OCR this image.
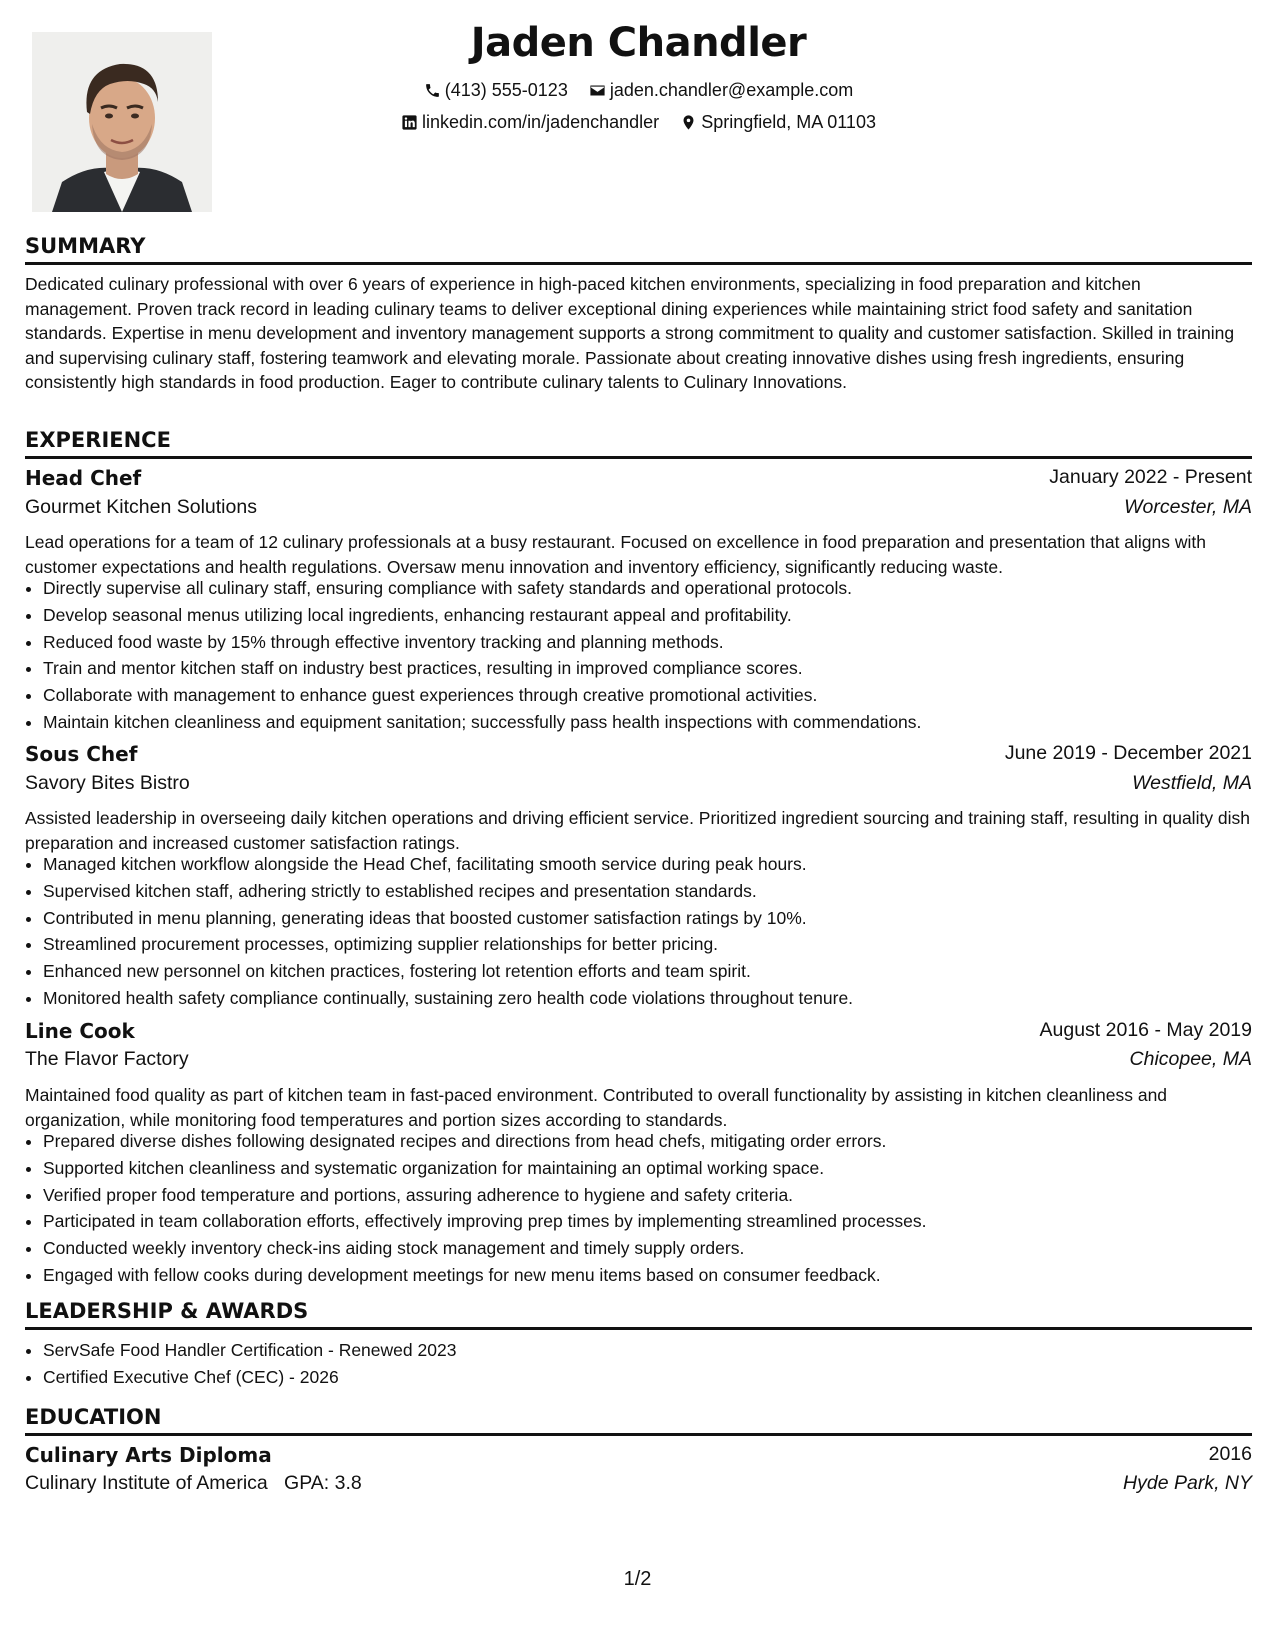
Jaden Chandler
(413) 555-0123
jaden.chandler@example.com
linkedin.com/in/jadenchandler
Springfield, MA 01103
SUMMARY
Dedicated culinary professional with over 6 years of experience in high-paced kitchen environments, specializing in food preparation and kitchen management. Proven track record in leading culinary teams to deliver exceptional dining experiences while maintaining strict food safety and sanitation standards. Expertise in menu development and inventory management supports a strong commitment to quality and customer satisfaction. Skilled in training and supervising culinary staff, fostering teamwork and elevating morale. Passionate about creating innovative dishes using fresh ingredients, ensuring consistently high standards in food production. Eager to contribute culinary talents to Culinary Innovations.
EXPERIENCE
Head Chef	January 2022 - Present
Gourmet Kitchen Solutions	Worcester, MA
Lead operations for a team of 12 culinary professionals at a busy restaurant. Focused on excellence in food preparation and presentation that aligns with customer expectations and health regulations. Oversaw menu innovation and inventory efficiency, significantly reducing waste.
• Directly supervise all culinary staff, ensuring compliance with safety standards and operational protocols.
• Develop seasonal menus utilizing local ingredients, enhancing restaurant appeal and profitability.
• Reduced food waste by 15% through effective inventory tracking and planning methods.
• Train and mentor kitchen staff on industry best practices, resulting in improved compliance scores.
• Collaborate with management to enhance guest experiences through creative promotional activities.
• Maintain kitchen cleanliness and equipment sanitation; successfully pass health inspections with commendations.
Sous Chef	June 2019 - December 2021
Savory Bites Bistro	Westfield, MA
Assisted leadership in overseeing daily kitchen operations and driving efficient service. Prioritized ingredient sourcing and training staff, resulting in quality dish preparation and increased customer satisfaction ratings.
• Managed kitchen workflow alongside the Head Chef, facilitating smooth service during peak hours.
• Supervised kitchen staff, adhering strictly to established recipes and presentation standards.
• Contributed in menu planning, generating ideas that boosted customer satisfaction ratings by 10%.
• Streamlined procurement processes, optimizing supplier relationships for better pricing.
• Enhanced new personnel on kitchen practices, fostering lot retention efforts and team spirit.
• Monitored health safety compliance continually, sustaining zero health code violations throughout tenure.
Line Cook	August 2016 - May 2019
The Flavor Factory	Chicopee, MA
Maintained food quality as part of kitchen team in fast-paced environment. Contributed to overall functionality by assisting in kitchen cleanliness and organization, while monitoring food temperatures and portion sizes according to standards.
• Prepared diverse dishes following designated recipes and directions from head chefs, mitigating order errors.
• Supported kitchen cleanliness and systematic organization for maintaining an optimal working space.
• Verified proper food temperature and portions, assuring adherence to hygiene and safety criteria.
• Participated in team collaboration efforts, effectively improving prep times by implementing streamlined processes.
• Conducted weekly inventory check-ins aiding stock management and timely supply orders.
• Engaged with fellow cooks during development meetings for new menu items based on consumer feedback.
LEADERSHIP & AWARDS
• ServSafe Food Handler Certification - Renewed 2023
• Certified Executive Chef (CEC) - 2026
EDUCATION
Culinary Arts Diploma	2016
Culinary Institute of America GPA: 3.8	Hyde Park, NY
1/2
